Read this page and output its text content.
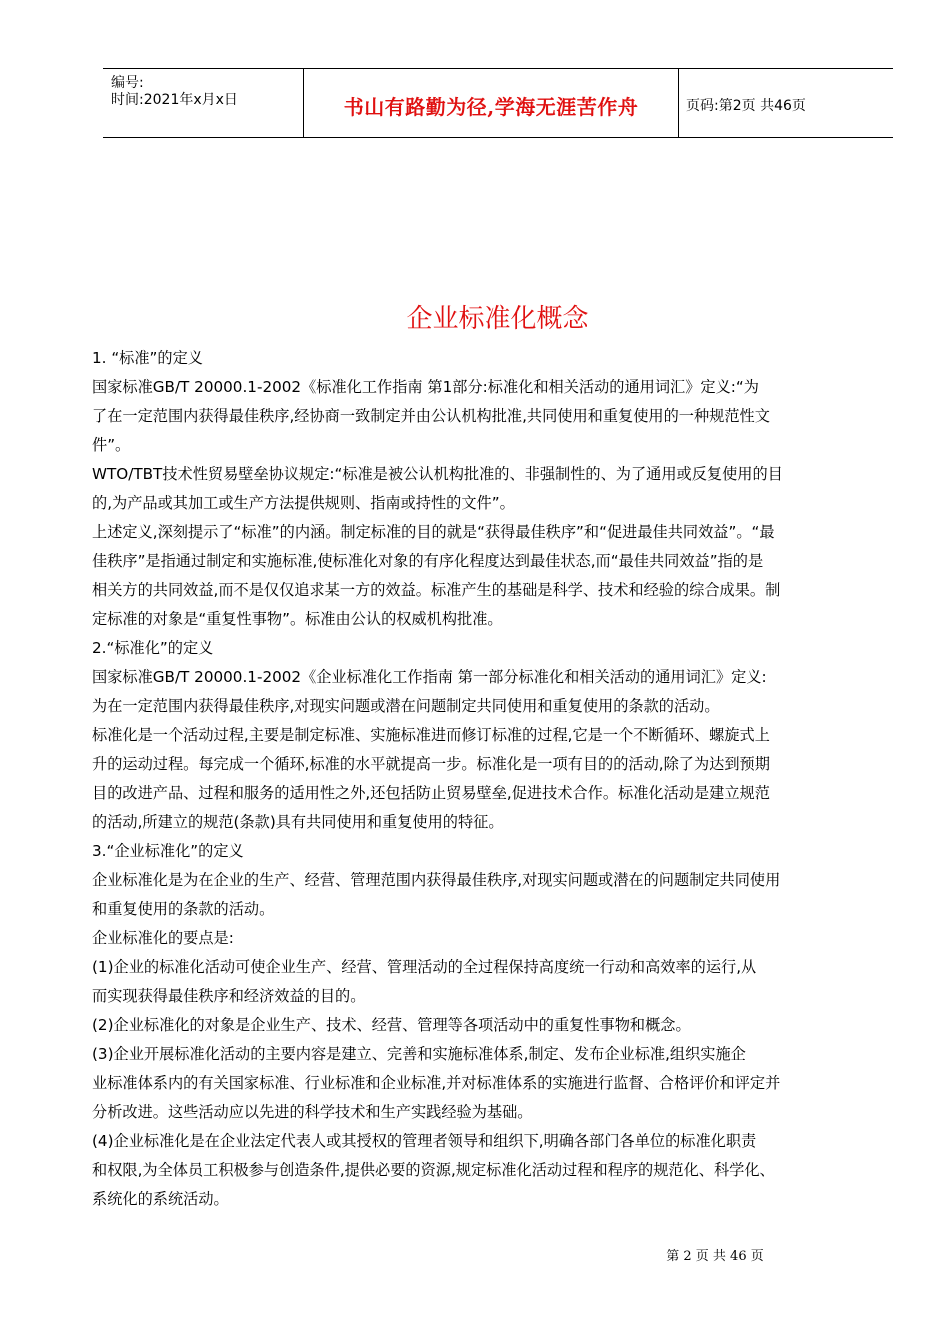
编号:
时间:2021年x月x日	书山有路勤为径,学海无涯苦作舟	页码:第2页 共46页
企业标准化概念

1. “标准”的定义

国家标准GB/T 20000.1-2002《标准化工作指南 第1部分:标准化和相关活动的通用词汇》定义:“为

了在一定范围内获得最佳秩序,经协商一致制定并由公认机构批准,共同使用和重复使用的一种规范性文

件”。

WTO/TBT技术性贸易壁垒协议规定:“标准是被公认机构批准的、非强制性的、为了通用或反复使用的目

的,为产品或其加工或生产方法提供规则、指南或持性的文件”。

上述定义,深刻提示了“标准”的内涵。制定标准的目的就是“获得最佳秩序”和“促进最佳共同效益”。“最

佳秩序”是指通过制定和实施标准,使标准化对象的有序化程度达到最佳状态,而“最佳共同效益”指的是

相关方的共同效益,而不是仅仅追求某一方的效益。标准产生的基础是科学、技术和经验的综合成果。制

定标准的对象是“重复性事物”。标准由公认的权威机构批准。

2.“标准化”的定义

国家标准GB/T 20000.1-2002《企业标准化工作指南 第一部分标准化和相关活动的通用词汇》定义:

为在一定范围内获得最佳秩序,对现实问题或潜在问题制定共同使用和重复使用的条款的活动。

标准化是一个活动过程,主要是制定标准、实施标准进而修订标准的过程,它是一个不断循环、螺旋式上

升的运动过程。每完成一个循环,标准的水平就提高一步。标准化是一项有目的的活动,除了为达到预期

目的改进产品、过程和服务的适用性之外,还包括防止贸易壁垒,促进技术合作。标准化活动是建立规范

的活动,所建立的规范(条款)具有共同使用和重复使用的特征。

3.“企业标准化”的定义

企业标准化是为在企业的生产、经营、管理范围内获得最佳秩序,对现实问题或潜在的问题制定共同使用

和重复使用的条款的活动。

企业标准化的要点是:

(1)企业的标准化活动可使企业生产、经营、管理活动的全过程保持高度统一行动和高效率的运行,从

而实现获得最佳秩序和经济效益的目的。

(2)企业标准化的对象是企业生产、技术、经营、管理等各项活动中的重复性事物和概念。

(3)企业开展标准化活动的主要内容是建立、完善和实施标准体系,制定、发布企业标准,组织实施企

业标准体系内的有关国家标准、行业标准和企业标准,并对标准体系的实施进行监督、合格评价和评定并

分析改进。这些活动应以先进的科学技术和生产实践经验为基础。

(4)企业标准化是在企业法定代表人或其授权的管理者领导和组织下,明确各部门各单位的标准化职责

和权限,为全体员工积极参与创造条件,提供必要的资源,规定标准化活动过程和程序的规范化、科学化、

系统化的系统活动。

第 2 页 共 46 页
